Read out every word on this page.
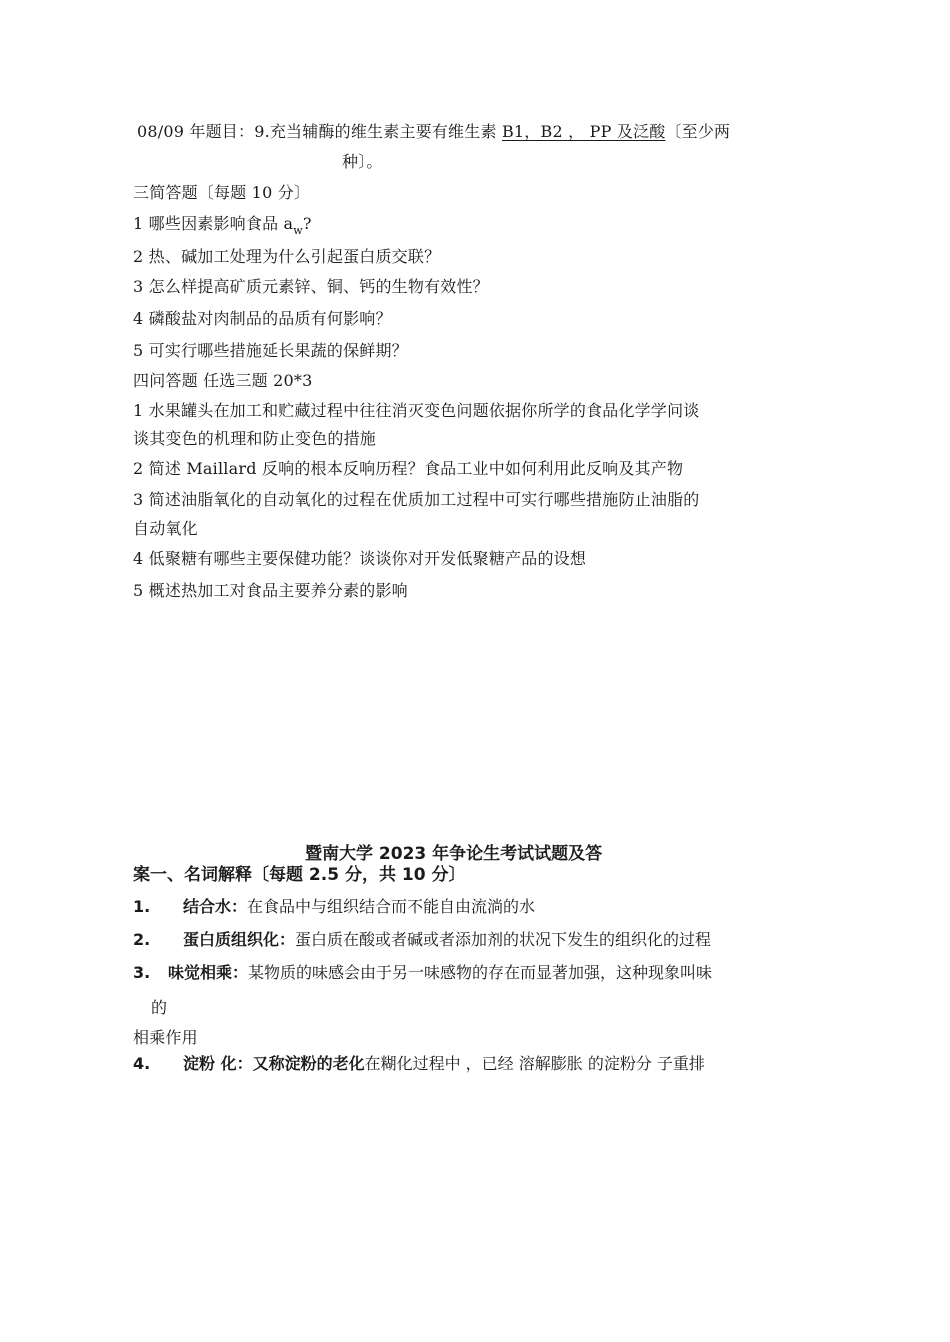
08/09 年题目：9.充当辅酶的维生素主要有维生素 B1，B2 ， PP 及泛酸〔至少两
种〕。
三简答题〔每题 10 分〕
1 哪些因素影响食品 $a_w$?
2 热、碱加工处理为什么引起蛋白质交联？
3 怎么样提高矿质元素锌、铜、钙的生物有效性？
4 磷酸盐对肉制品的品质有何影响？
5 可实行哪些措施延长果蔬的保鲜期？
四问答题 任选三题 20*3
1 水果罐头在加工和贮藏过程中往往消灭变色问题依据你所学的食品化学学问谈
谈其变色的机理和防止变色的措施
2 简述 Maillard 反响的根本反响历程？食品工业中如何利用此反响及其产物
3 简述油脂氧化的自动氧化的过程在优质加工过程中可实行哪些措施防止油脂的
自动氧化
4 低聚糖有哪些主要保健功能？谈谈你对开发低聚糖产品的设想
5 概述热加工对食品主要养分素的影响
暨南大学 2023 年争论生考试试题及答
案一、名词解释〔每题 2.5 分，共 10 分〕
1. 结合水：在食品中与组织结合而不能自由流淌的水
2. 蛋白质组织化：蛋白质在酸或者碱或者添加剂的状况下发生的组织化的过程
3. 味觉相乘：某物质的味感会由于另一味感物的存在而显著加强，这种现象叫味
的
相乘作用
4. 淀粉 化：又称淀粉的老化在糊化过程中 ，已经 溶解膨胀 的淀粉分 子重排
